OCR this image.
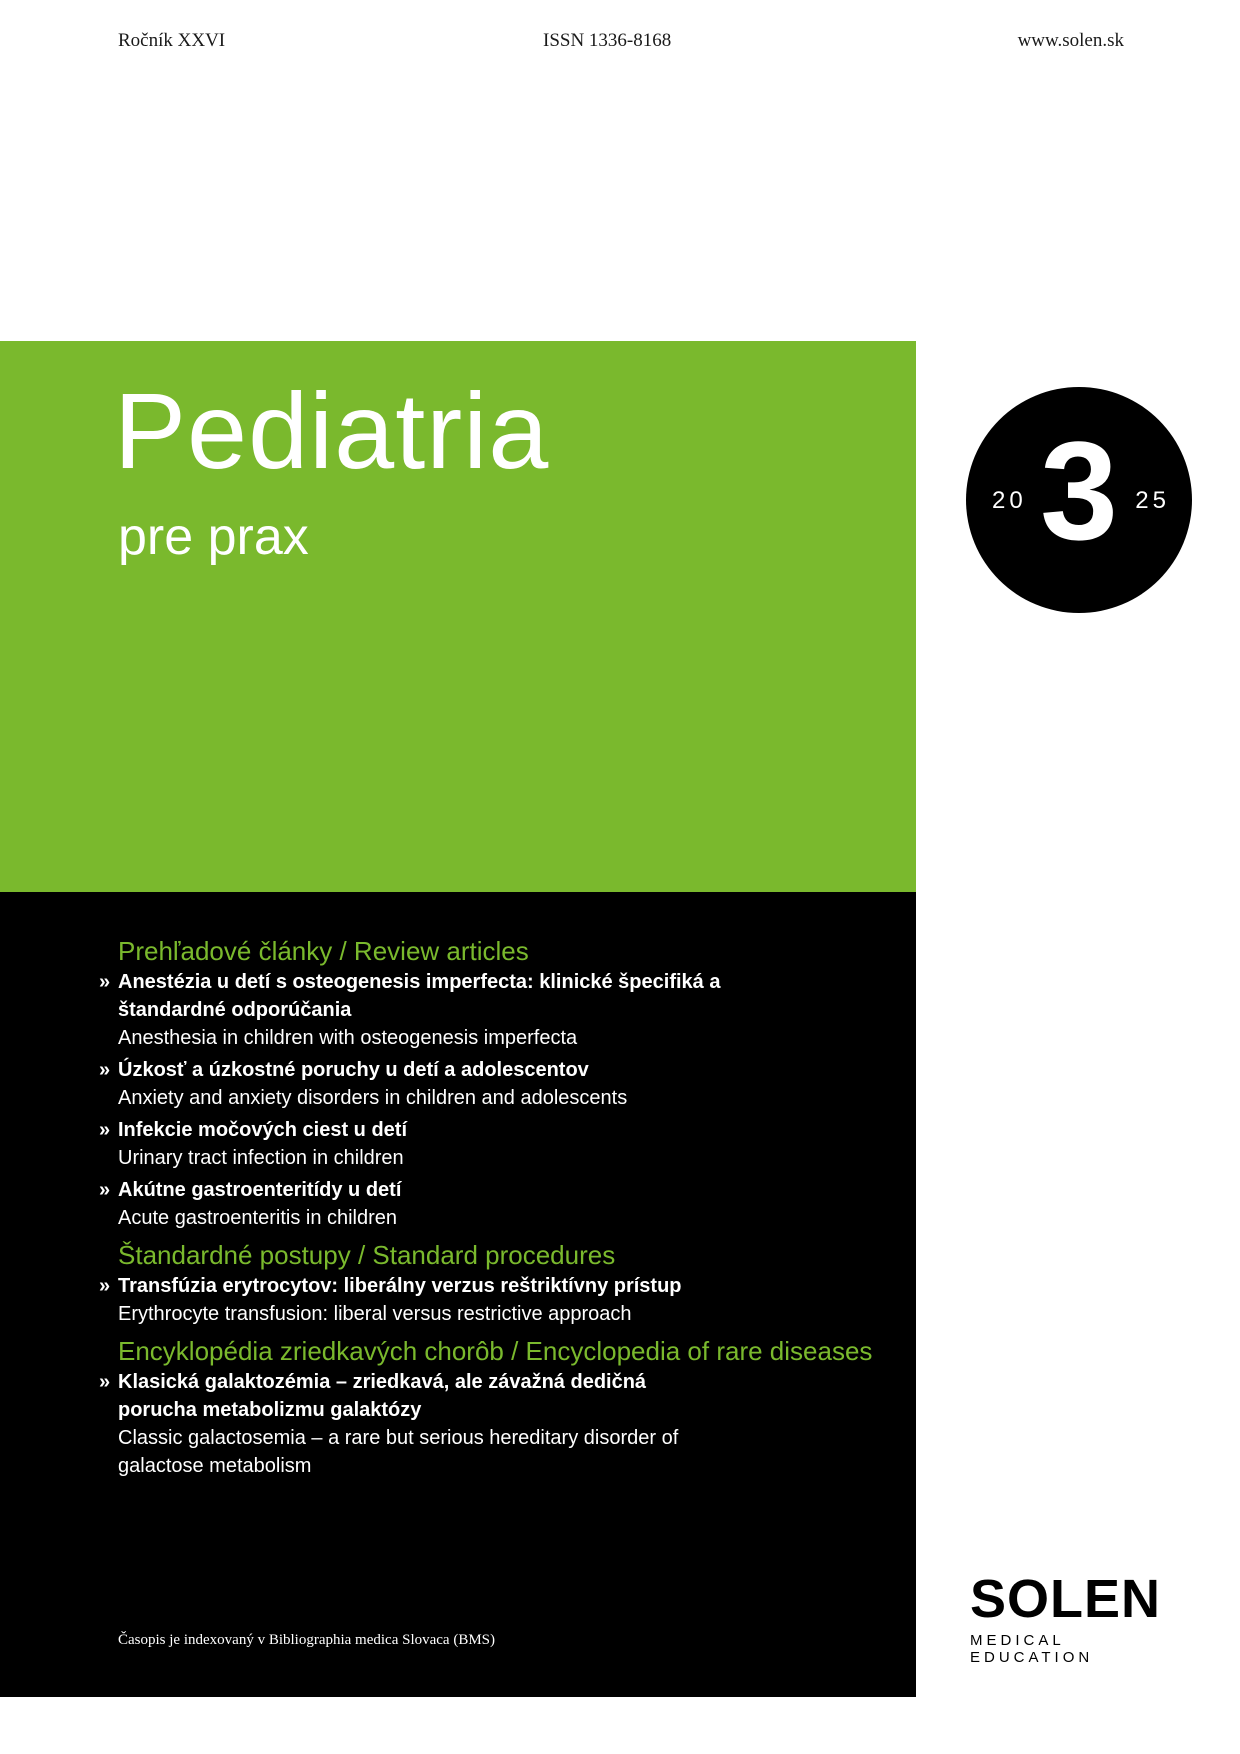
Ročník XXVI	ISSN 1336-8168	www.solen.sk
Pediatria
pre prax
20 3 25
Prehľadové články / Review articles
» Anestézia u detí s osteogenesis imperfecta: klinické špecifiká a štandardné odporúčania
Anesthesia in children with osteogenesis imperfecta
» Úzkosť a úzkostné poruchy u detí a adolescentov
Anxiety and anxiety disorders in children and adolescents
» Infekcie močových ciest u detí
Urinary tract infection in children
» Akútne gastroenteritídy u detí
Acute gastroenteritis in children
Štandardné postupy / Standard procedures
» Transfúzia erytrocytov: liberálny verzus reštriktívny prístup
Erythrocyte transfusion: liberal versus restrictive approach
Encyklopédia zriedkavých chorôb / Encyclopedia of rare diseases
» Klasická galaktozémia – zriedkavá, ale závažná dedičná porucha metabolizmu galaktózy
Classic galactosemia – a rare but serious hereditary disorder of galactose metabolism
Časopis je indexovaný v Bibliographia medica Slovaca (BMS)
SOLEN
MEDICAL EDUCATION
